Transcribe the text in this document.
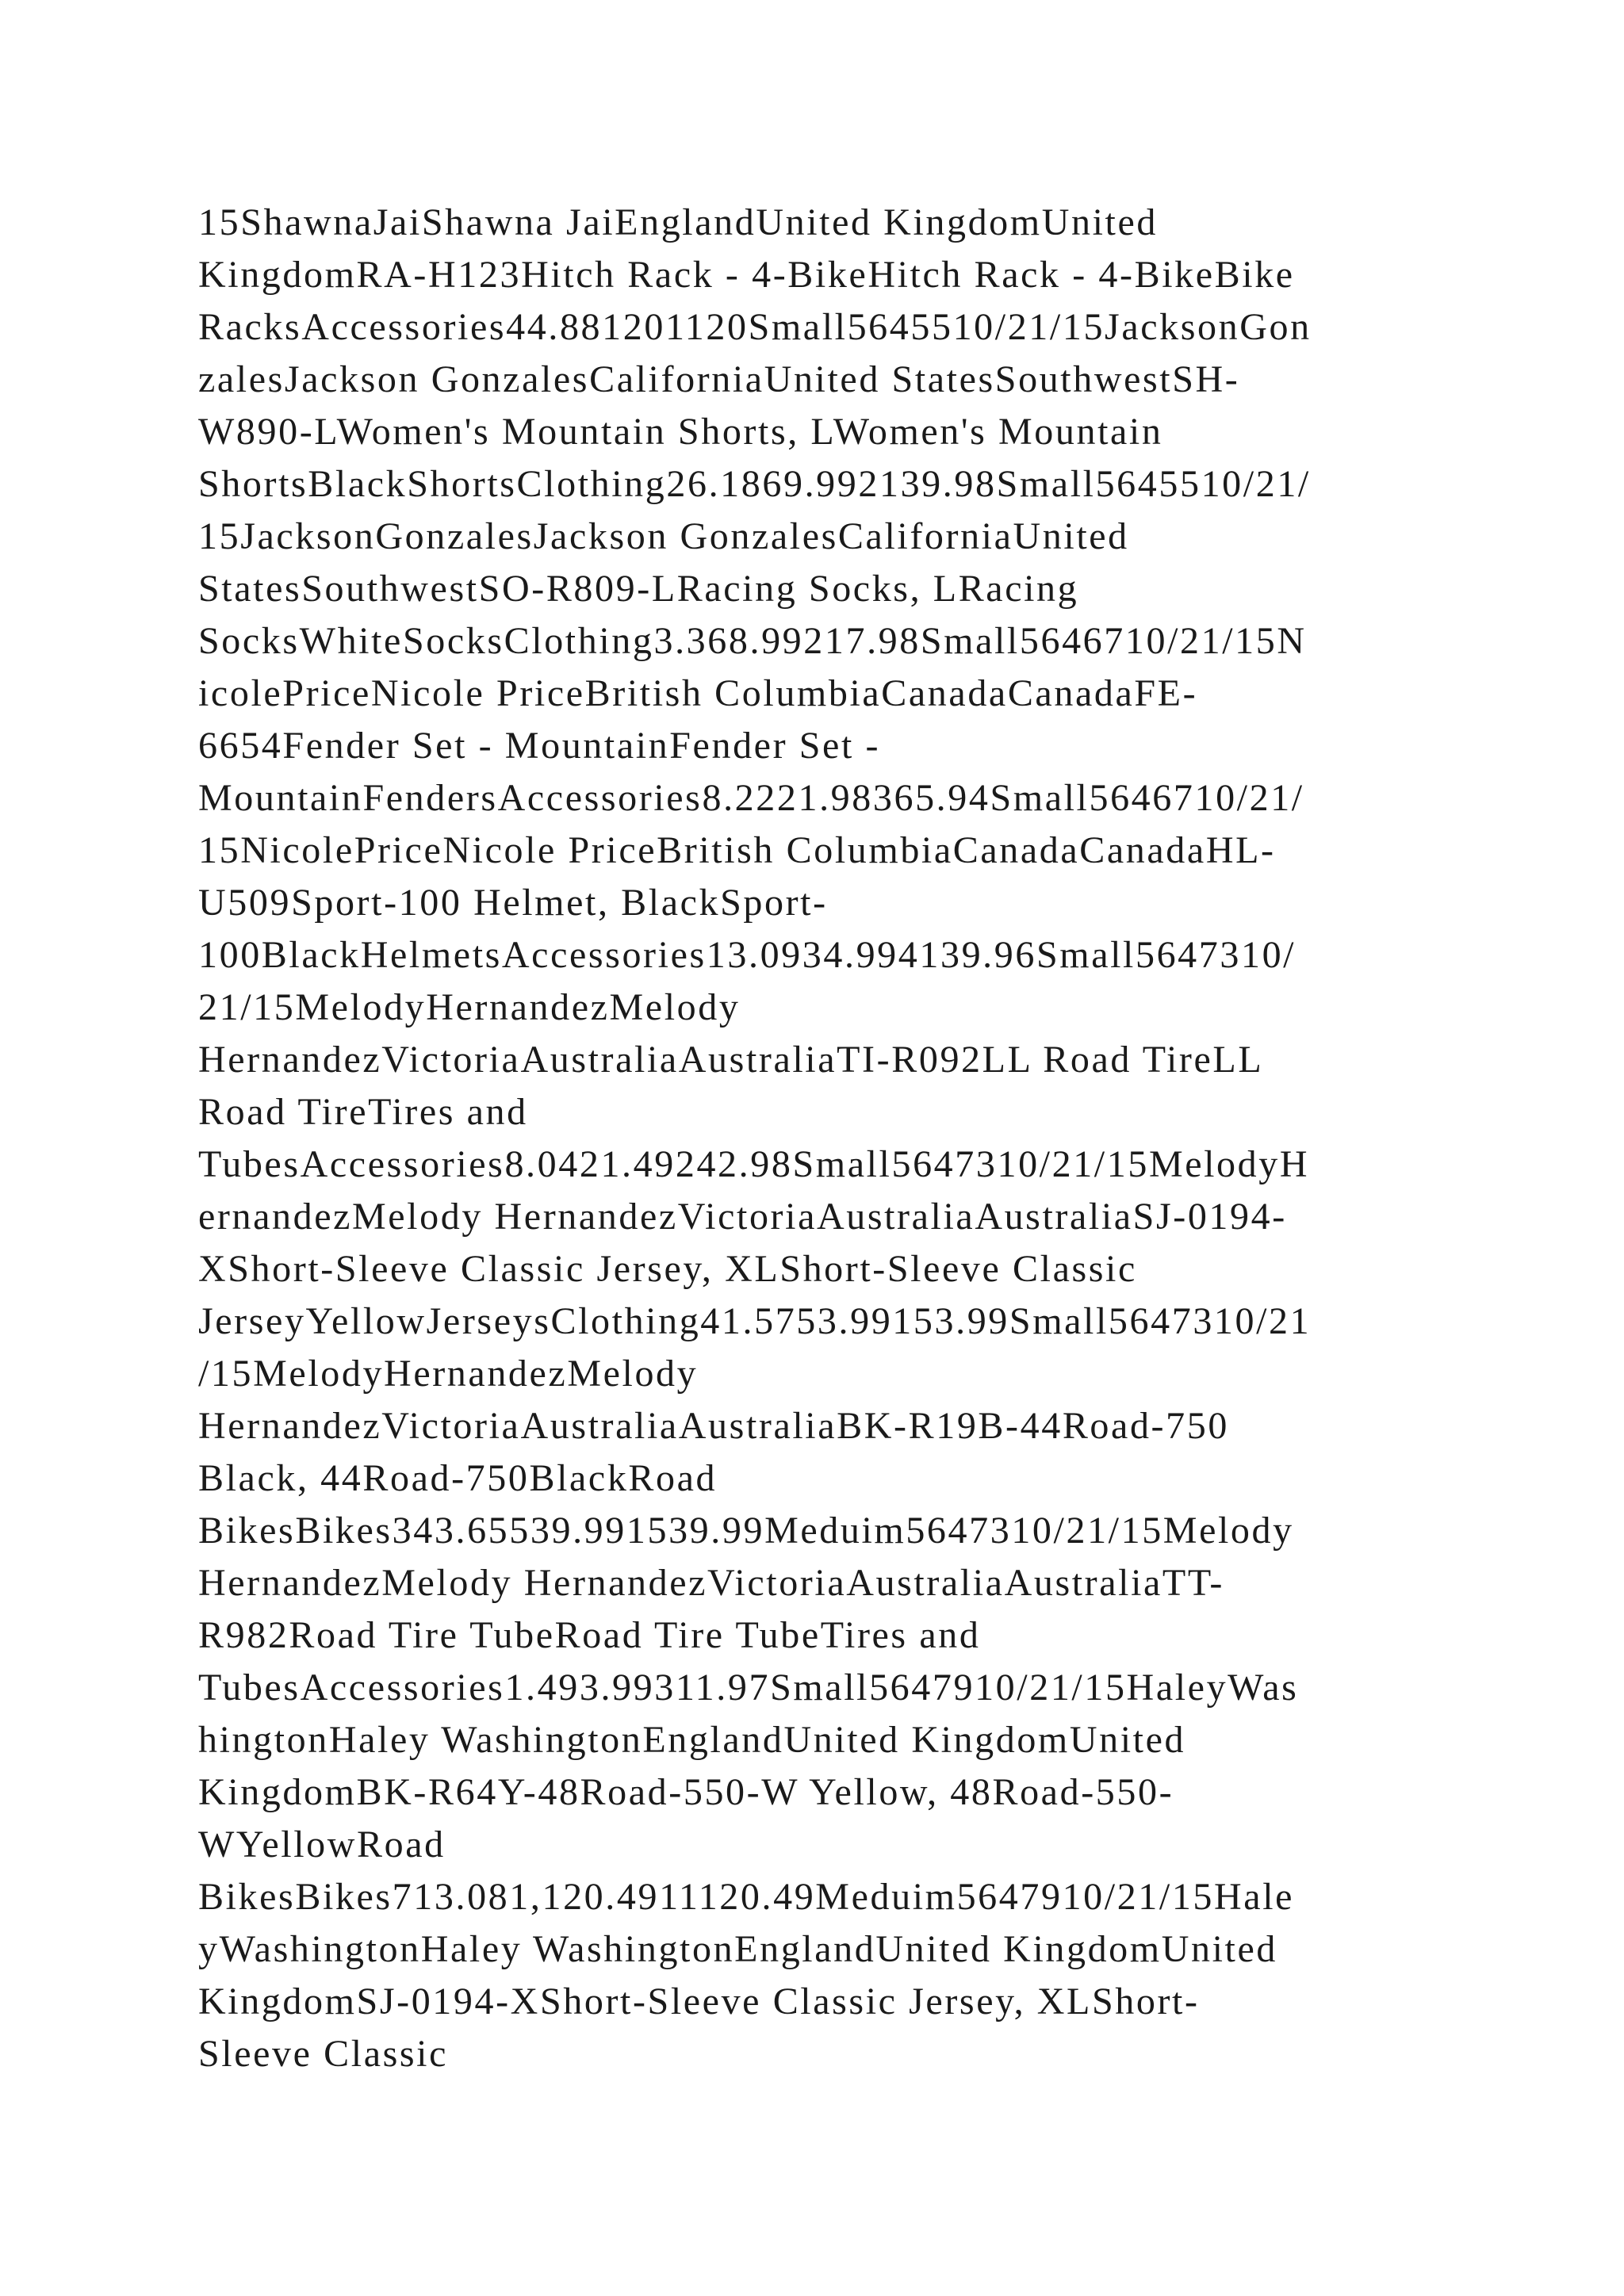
15ShawnaJaiShawna JaiEnglandUnited KingdomUnited
KingdomRA-H123Hitch Rack - 4-BikeHitch Rack - 4-BikeBike
RacksAccessories44.881201120Small5645510/21/15JacksonGon
zalesJackson GonzalesCaliforniaUnited StatesSouthwestSH-
W890-LWomen's Mountain Shorts, LWomen's Mountain
ShortsBlackShortsClothing26.1869.992139.98Small5645510/21/
15JacksonGonzalesJackson GonzalesCaliforniaUnited
StatesSouthwestSO-R809-LRacing Socks, LRacing
SocksWhiteSocksClothing3.368.99217.98Small5646710/21/15N
icolePriceNicole PriceBritish ColumbiaCanadaCanadaFE-
6654Fender Set - MountainFender Set -
MountainFendersAccessories8.2221.98365.94Small5646710/21/
15NicolePriceNicole PriceBritish ColumbiaCanadaCanadaHL-
U509Sport-100 Helmet, BlackSport-
100BlackHelmetsAccessories13.0934.994139.96Small5647310/
21/15MelodyHernandezMelody
HernandezVictoriaAustraliaAustraliaTI-R092LL Road TireLL
Road TireTires and
TubesAccessories8.0421.49242.98Small5647310/21/15MelodyH
ernandezMelody HernandezVictoriaAustraliaAustraliaSJ-0194-
XShort-Sleeve Classic Jersey, XLShort-Sleeve Classic
JerseyYellowJerseysClothing41.5753.99153.99Small5647310/21
/15MelodyHernandezMelody
HernandezVictoriaAustraliaAustraliaBK-R19B-44Road-750
Black, 44Road-750BlackRoad
BikesBikes343.65539.991539.99Meduim5647310/21/15Melody
HernandezMelody HernandezVictoriaAustraliaAustraliaTT-
R982Road Tire TubeRoad Tire TubeTires and
TubesAccessories1.493.99311.97Small5647910/21/15HaleyWas
hingtonHaley WashingtonEnglandUnited KingdomUnited
KingdomBK-R64Y-48Road-550-W Yellow, 48Road-550-
WYellowRoad
BikesBikes713.081,120.4911120.49Meduim5647910/21/15Hale
yWashingtonHaley WashingtonEnglandUnited KingdomUnited
KingdomSJ-0194-XShort-Sleeve Classic Jersey, XLShort-
Sleeve Classic
